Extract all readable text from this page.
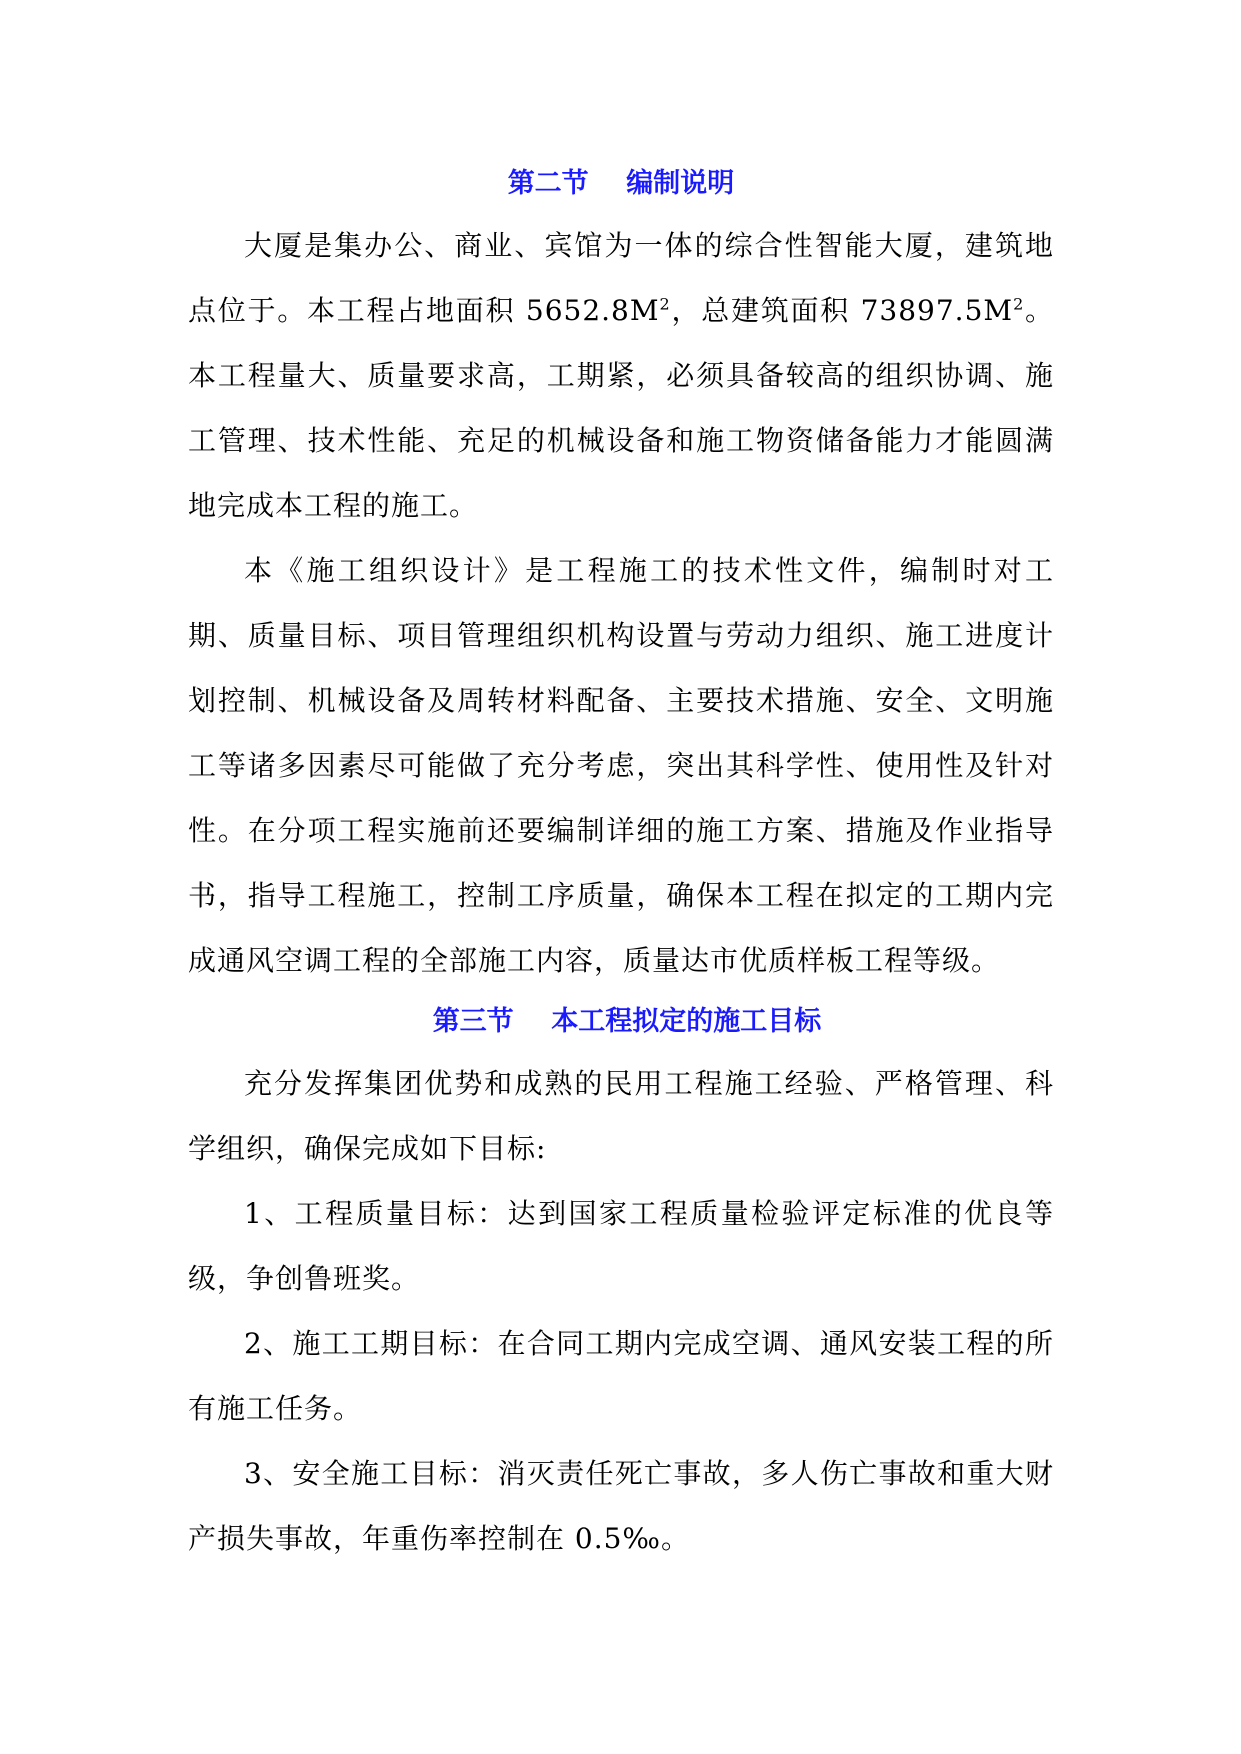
第二节    编制说明

大厦是集办公、商业、宾馆为一体的综合性智能大厦，建筑地点位于。本工程占地面积 $5652.8M^2$，总建筑面积 $73897.5M^2$。本工程量大、质量要求高，工期紧，必须具备较高的组织协调、施工管理、技术性能、充足的机械设备和施工物资储备能力才能圆满地完成本工程的施工。

本《施工组织设计》是工程施工的技术性文件，编制时对工期、质量目标、项目管理组织机构设置与劳动力组织、施工进度计划控制、机械设备及周转材料配备、主要技术措施、安全、文明施工等诸多因素尽可能做了充分考虑，突出其科学性、使用性及针对性。在分项工程实施前还要编制详细的施工方案、措施及作业指导书，指导工程施工，控制工序质量，确保本工程在拟定的工期内完成通风空调工程的全部施工内容，质量达市优质样板工程等级。

第三节    本工程拟定的施工目标

充分发挥集团优势和成熟的民用工程施工经验、严格管理、科学组织，确保完成如下目标:

1、工程质量目标：达到国家工程质量检验评定标准的优良等级，争创鲁班奖。

2、施工工期目标：在合同工期内完成空调、通风安装工程的所有施工任务。

3、安全施工目标：消灭责任死亡事故，多人伤亡事故和重大财产损失事故，年重伤率控制在 0.5‰。
